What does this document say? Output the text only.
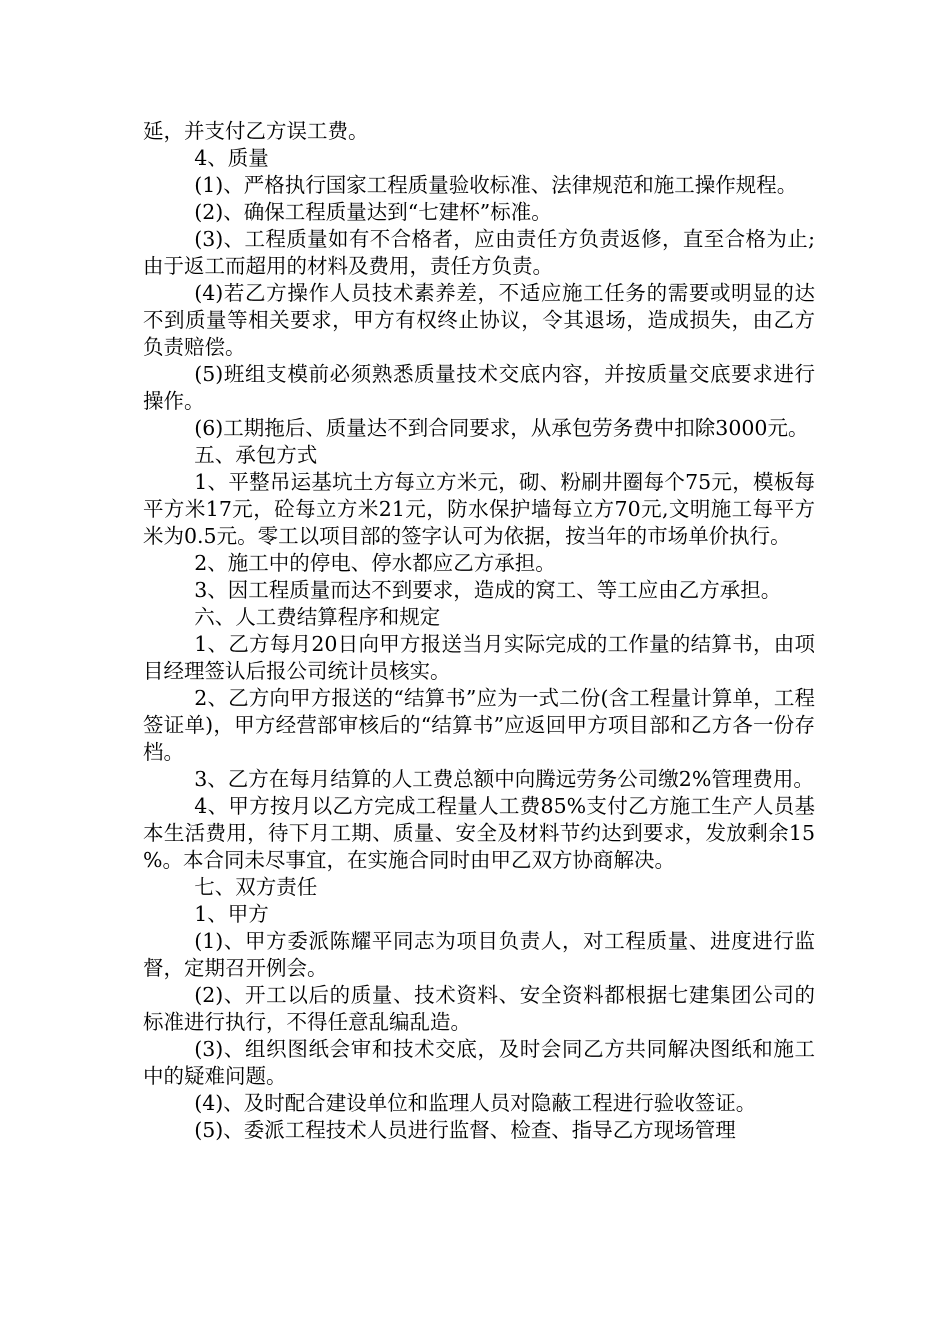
延，并支付乙方误工费。

4、质量

(1)、严格执行国家工程质量验收标准、法律规范和施工操作规程。

(2)、确保工程质量达到“七建杯”标准。

(3)、工程质量如有不合格者，应由责任方负责返修，直至合格为止;由于返工而超用的材料及费用，责任方负责。

(4)若乙方操作人员技术素养差，不适应施工任务的需要或明显的达不到质量等相关要求，甲方有权终止协议，令其退场，造成损失，由乙方负责赔偿。

(5)班组支模前必须熟悉质量技术交底内容，并按质量交底要求进行操作。

(6)工期拖后、质量达不到合同要求，从承包劳务费中扣除3000元。

五、承包方式

1、平整吊运基坑土方每立方米元，砌、粉刷井圈每个75元，模板每平方米17元，砼每立方米21元，防水保护墙每立方70元,文明施工每平方米为0.5元。零工以项目部的签字认可为依据，按当年的市场单价执行。

2、施工中的停电、停水都应乙方承担。

3、因工程质量而达不到要求，造成的窝工、等工应由乙方承担。

六、人工费结算程序和规定

1、乙方每月20日向甲方报送当月实际完成的工作量的结算书，由项目经理签认后报公司统计员核实。

2、乙方向甲方报送的“结算书”应为一式二份(含工程量计算单，工程签证单)，甲方经营部审核后的“结算书”应返回甲方项目部和乙方各一份存档。

3、乙方在每月结算的人工费总额中向腾远劳务公司缴2%管理费用。

4、甲方按月以乙方完成工程量人工费85%支付乙方施工生产人员基本生活费用，待下月工期、质量、安全及材料节约达到要求，发放剩余15%。本合同未尽事宜，在实施合同时由甲乙双方协商解决。

七、双方责任

1、甲方

(1)、甲方委派陈耀平同志为项目负责人，对工程质量、进度进行监督，定期召开例会。

(2)、开工以后的质量、技术资料、安全资料都根据七建集团公司的标准进行执行，不得任意乱编乱造。

(3)、组织图纸会审和技术交底，及时会同乙方共同解决图纸和施工中的疑难问题。

(4)、及时配合建设单位和监理人员对隐蔽工程进行验收签证。

(5)、委派工程技术人员进行监督、检查、指导乙方现场管理
